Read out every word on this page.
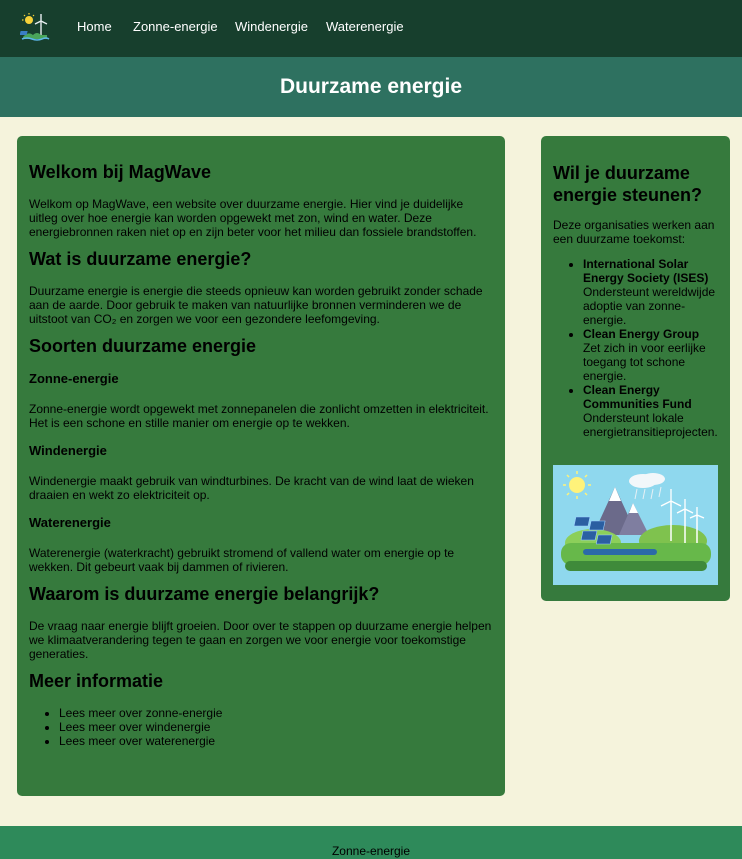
Home Zonne-energie Windenergie Waterenergie
Duurzame energie
Welkom bij MagWave

Welkom op MagWave, een website over duurzame energie. Hier vind je duidelijke uitleg over hoe energie kan worden opgewekt met zon, wind en water. Deze energiebronnen raken niet op en zijn beter voor het milieu dan fossiele brandstoffen.

Wat is duurzame energie?

Duurzame energie is energie die steeds opnieuw kan worden gebruikt zonder schade aan de aarde. Door gebruik te maken van natuurlijke bronnen verminderen we de uitstoot van CO₂ en zorgen we voor een gezondere leefomgeving.

Soorten duurzame energie
Zonne-energie

Zonne-energie wordt opgewekt met zonnepanelen die zonlicht omzetten in elektriciteit. Het is een schone en stille manier om energie op te wekken.

Windenergie

Windenergie maakt gebruik van windturbines. De kracht van de wind laat de wieken draaien en wekt zo elektriciteit op.

Waterenergie

Waterenergie (waterkracht) gebruikt stromend of vallend water om energie op te wekken. Dit gebeurt vaak bij dammen of rivieren.

Waarom is duurzame energie belangrijk?

De vraag naar energie blijft groeien. Door over te stappen op duurzame energie helpen we klimaatverandering tegen te gaan en zorgen we voor energie voor toekomstige generaties.

Meer informatie
• Lees meer over zonne-energie
• Lees meer over windenergie
• Lees meer over waterenergie
Wil je duurzame energie steunen?

Deze organisaties werken aan een duurzame toekomst:

• International Solar Energy Society (ISES)
Ondersteunt wereldwijde adoptie van zonne-energie.
• Clean Energy Group
Zet zich in voor eerlijke toegang tot schone energie.
• Clean Energy Communities Fund
Ondersteunt lokale energietransitieprojecten.
Zonne-energie
